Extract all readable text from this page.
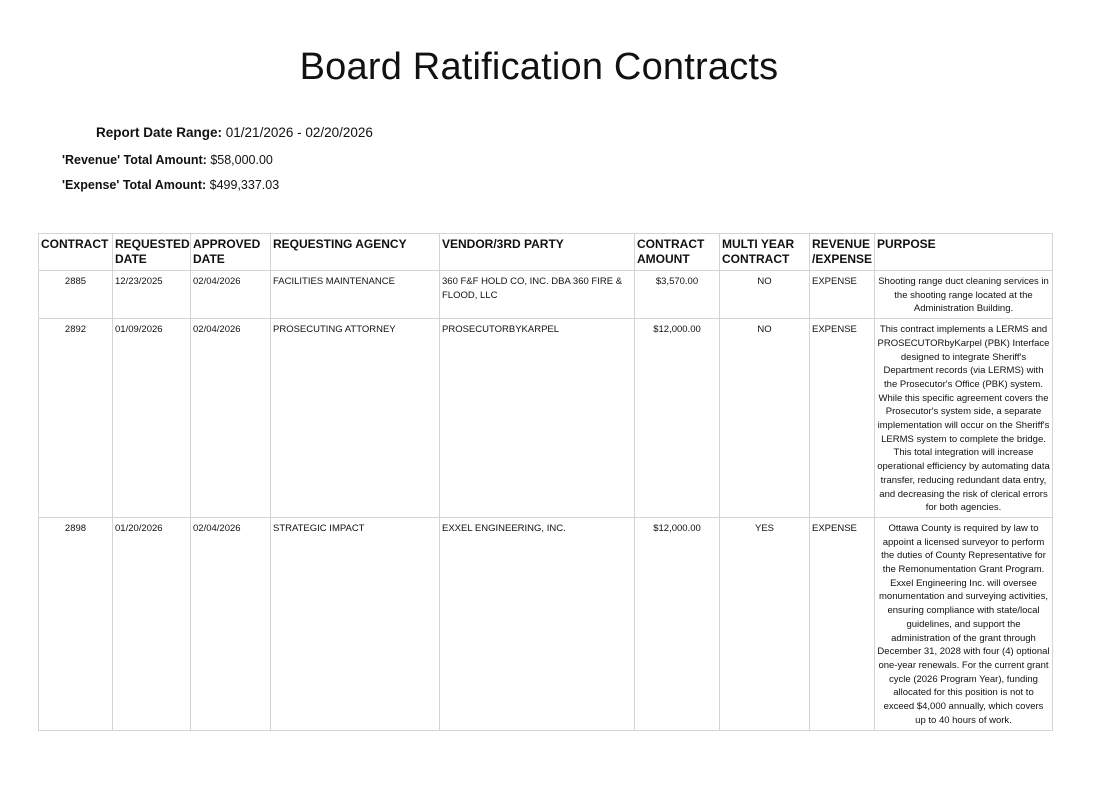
Board Ratification Contracts
Report Date Range: 01/21/2026 - 02/20/2026
'Revenue' Total Amount: $58,000.00
'Expense' Total Amount: $499,337.03
CONTRACT	REQUESTED DATE	APPROVED DATE	REQUESTING AGENCY	VENDOR/3RD PARTY	CONTRACT AMOUNT	MULTI YEAR CONTRACT	REVENUE /EXPENSE	PURPOSE
2885	12/23/2025	02/04/2026	FACILITIES MAINTENANCE	360 F&F HOLD CO, INC. DBA 360 FIRE & FLOOD, LLC	$3,570.00	NO	EXPENSE	Shooting range duct cleaning services in the shooting range located at the Administration Building.
2892	01/09/2026	02/04/2026	PROSECUTING ATTORNEY	PROSECUTORBYKARPEL	$12,000.00	NO	EXPENSE	This contract implements a LERMS and PROSECUTORbyKarpel (PBK) Interface designed to integrate Sheriff's Department records (via LERMS) with the Prosecutor's Office (PBK) system. While this specific agreement covers the Prosecutor's system side, a separate implementation will occur on the Sheriff's LERMS system to complete the bridge. This total integration will increase operational efficiency by automating data transfer, reducing redundant data entry, and decreasing the risk of clerical errors for both agencies.
2898	01/20/2026	02/04/2026	STRATEGIC IMPACT	EXXEL ENGINEERING, INC.	$12,000.00	YES	EXPENSE	Ottawa County is required by law to appoint a licensed surveyor to perform the duties of County Representative for the Remonumentation Grant Program. Exxel Engineering Inc. will oversee monumentation and surveying activities, ensuring compliance with state/local guidelines, and support the administration of the grant through December 31, 2028 with four (4) optional one-year renewals. For the current grant cycle (2026 Program Year), funding allocated for this position is not to exceed $4,000 annually, which covers up to 40 hours of work.
